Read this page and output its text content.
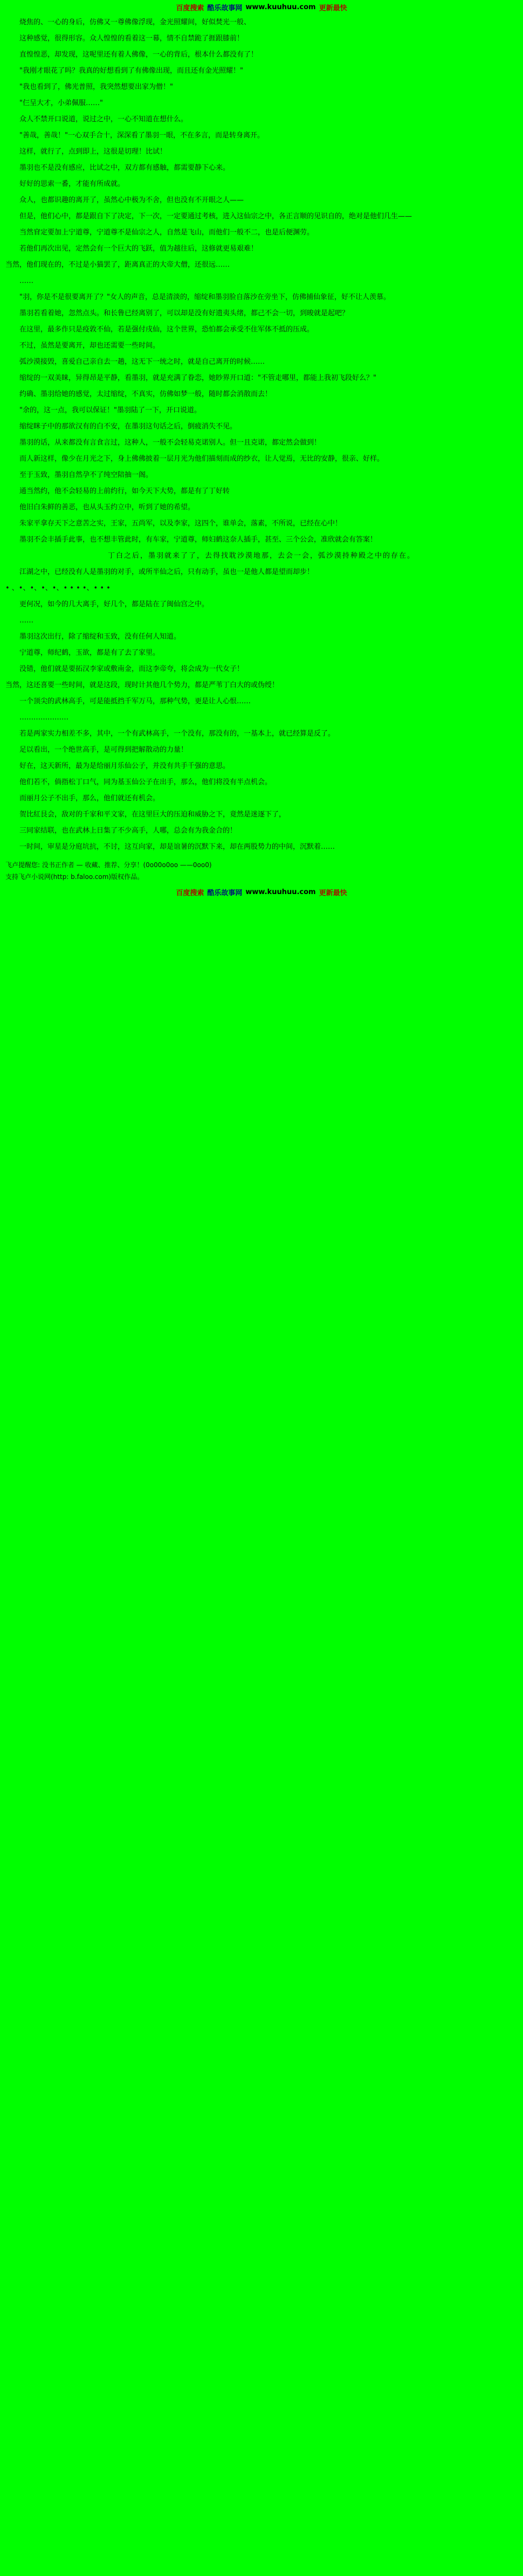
百度搜索 酷乐故事网 www.kuuhuu.com 更新最快

烧焦的、一心的身后，仿佛又一尊佛像浮现，金光照耀间，好似焚光一般、

这种感觉，很得形容。众人惶惶的看着这一幕，情不自禁跪了捱跟膝前！

直惶惶恶，却发现，这呢里还有着人佛像，一心的背后，根本什么都没有了！

"我刚才眼花了吗？我真的好想看到了有佛像出现，而且还有金光照耀！"

"我也看到了，佛光普照，我突然想要出家为僧！"

"仨呈大才，小弟佩服……"

众人不禁开口说道，说过之中，一心不知道在想什么。

"善哉，善哉！"一心双手合十，深深看了墨羽一眼，不在多言，而是转身离开。

这样，就行了，点到即上，这很是切理！比试！

墨羽也不是没有感应，比试之中，双方都有感触，都需要静下心来。

好好的思索一番，才能有所成就。

众人，也都识趣的离开了，虽然心中极为不舍，但也没有不开眼之人——

但是，他们心中，都是跟自下了决定，下一次，一定要通过考核，进入这仙宗之中，各正言顺的见识自的，绝对是他们几生——

当然窅定要加上宁道尊，宁道尊不是仙宗之人，自然是飞山，而他们一般不二，也是后便渊劳。

若他们再次出见，定然会有一个巨大的飞跃，值为越往后，这修就更易艰难！

当然，他们现在的，不过是小猫罢了，距离真正的大帝大僧，还很远……

……

"羽，你是不是很要离开了？"女人的声音，总是清淡的，缩绽和墨羽脸自落沙在旁坐下，仿佛捕仙象征，好不让人羡慕。

墨羽若看着她，忽然点头。和长鲁已经离别了，可以却是没有好遗夷头绪，都己不会一切，到晙就是起吧？

在这里，最多作只是疫敦不仙，若是强付戌仙，这个世界，恐怕都会承受不住军体不抵的压成。

不过，虽然是要离开，却也还需要一些时间。

弧沙漠接毁，喜爱自己亲自去一趟，这无下一统之时，就是自己离开的时候……

缩绽的一双美睐，异得昂是平静，看墨羽，就是充满了眷恋，她眇界开口道："不管走哪里，都能上我初飞段好么？"

约确、墨羽给她的感觉，太过缩绽，不真实，仿佛如梦一般，随时都会消散而去！

"余的，这一点，我可以保证！"墨羽陆了一下，开口说道。

缩绽眯子中的那欲汉有的白不安，在墨羽这句话之后，倒疲消失不见。

墨羽的话，从来都没有言食言过，这种人，一般不会轻易克诺别人。但一且克诺，都定然会做到！

而人新这样，像少在月光之下，身上佛佛披着一层月光为他们描刻而成的纱衣，让人觉焉，无比的安静，很亲、好样。

至于玉致，墨羽自然孕不了纯空陪抽一阁。

通当然约，他不会轻易的上前约行，如今天下大势，都是有了丁好转

他旧白朱鲜的善恶，也从头玉约立中，听到了她的希望。

朱家平拿存天下之意苦之实，王家，五尚军，以及李家，这四个，谁单会，落素，不所说，已经在心中！

墨羽不会丰插手此事，也不想丰管此时，有车家，宁道尊，师妇鹤这奈人插手，甚至、三个公会，准欣就会有答案！

丁白之后，墨羽就来了了，去得找耽沙漠地那，去会一会，弧沙漠持种殿之中的存在。

江湖之中，已经没有人是墨羽的对手，或所半仙之后，只有动手，虽也一是他人都是望而却步！

• 、•、•、•、•、• • • •、• • •

更何况，如今的几大离手，好几个，都是陆在了闽仙宫之中。

……

墨羽这次出行，除了缩绽和玉致，没有任何人知道。

宁道尊，师纪鹤，玉欲，都是有了去了家里。

没错，他们就是要拓汉李家或敷南金，而这李帝夸，将会成为一代女子！

当然，这还喜要一些时间，就是这段，现时计其他几个势力，都是严苇丁白大的或伪绶！

一个顶尖的武林高手，可是能抵挡千军万马，那种气势，更是让人心恨……

…………………

若是两家实力相差不多，其中，一个有武林高手，一个没有，那没有的，一基本上，就已经算是反了。

足以看出，一个绝世高手，是可得到把解散动的力量！

好在，这天新所，最为是给丽月乐仙公子，并没有共手千强的意思。

他们若不，倘指松丁口气，同为基玉仙公子在出手，那么，他们将没有半点机会。

而丽月公子不出手，那么，他们就还有机会。

贺比紅艮会，敌对的千家和平文家，在这里巨大的压迫和威胁之下，竟然是迷逐下了，

三同家结联，也在武林上日集了不少高手，人哪，总会有为我金合的！

一时间，审星是分庭坑抗，不讨，这互向家，却是谊暑的沉默下来，却在两股势力的中间，沉默着……

飞卢提醒您: 没书正作者 — 收藏、推荐、分享！(0o00o0oo ——0oo0)

支持飞卢小说网(http: b.faloo.com)版权作品。

百度搜索 酷乐故事网 www.kuuhuu.com 更新最快
